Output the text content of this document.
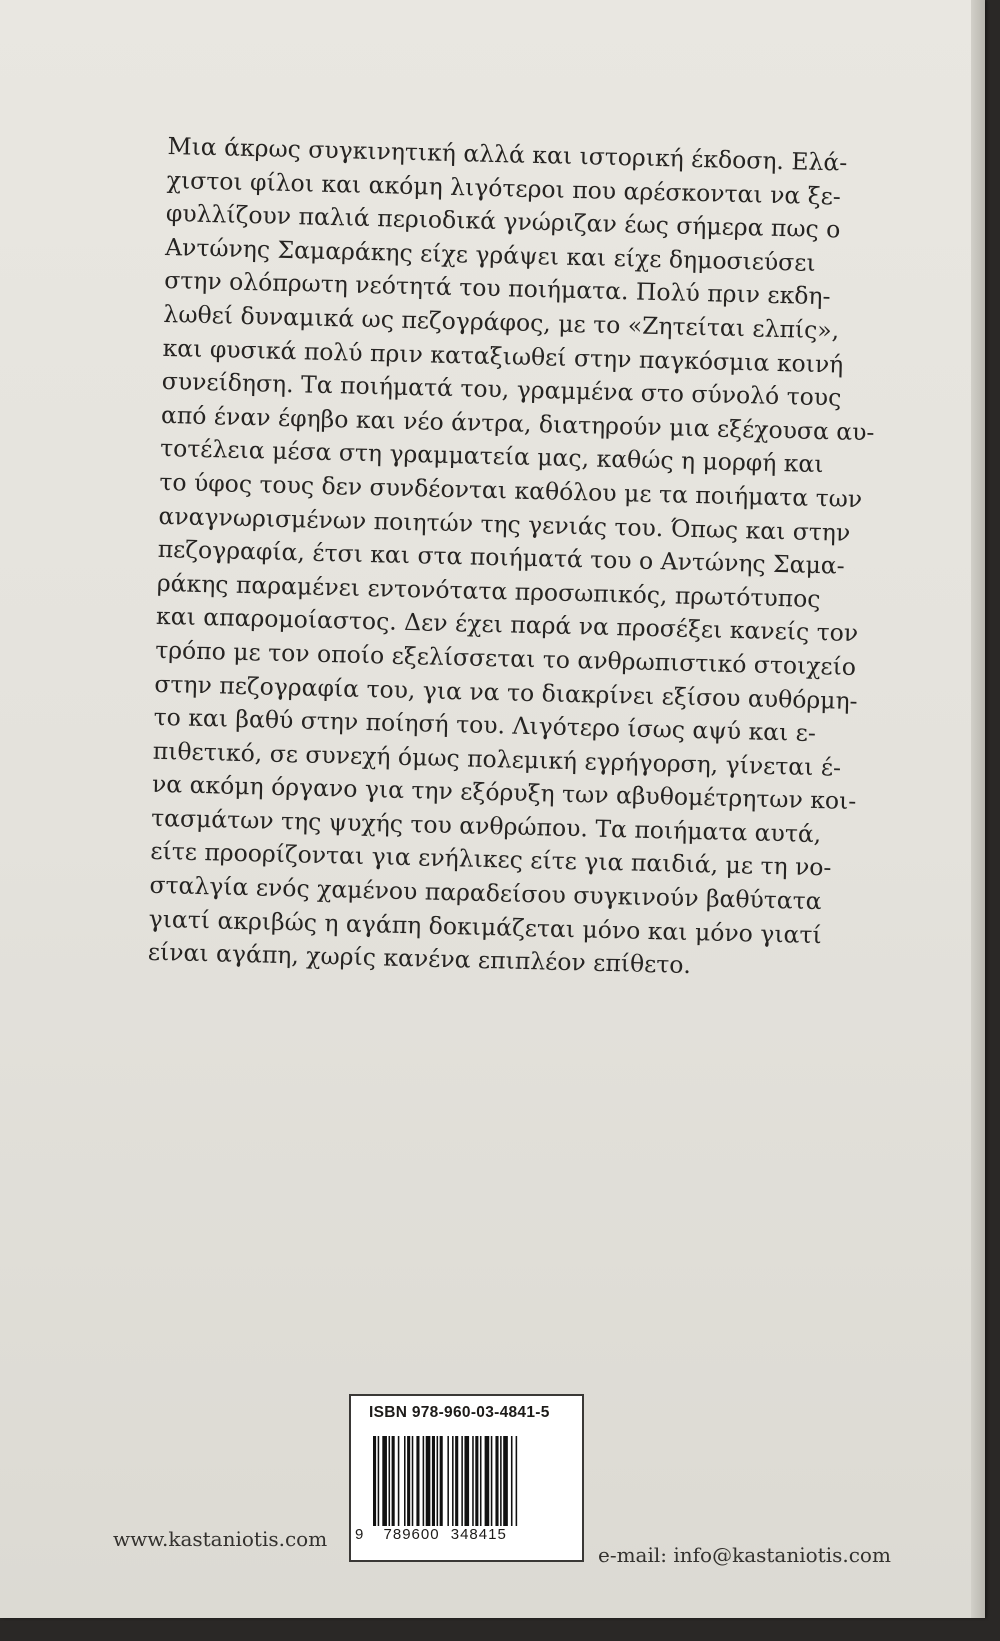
Μια άκρως συγκινητική αλλά και ιστορική έκδοση. Ελά-
χιστοι φίλοι και ακόμη λιγότεροι που αρέσκονται να ξε-
φυλλίζουν παλιά περιοδικά γνώριζαν έως σήμερα πως ο
Αντώνης Σαμαράκης είχε γράψει και είχε δημοσιεύσει
στην ολόπρωτη νεότητά του ποιήματα. Πολύ πριν εκδη-
λωθεί δυναμικά ως πεζογράφος, με το «Ζητείται ελπίς»,
και φυσικά πολύ πριν καταξιωθεί στην παγκόσμια κοινή
συνείδηση. Τα ποιήματά του, γραμμένα στο σύνολό τους
από έναν έφηβο και νέο άντρα, διατηρούν μια εξέχουσα αυ-
τοτέλεια μέσα στη γραμματεία μας, καθώς η μορφή και
το ύφος τους δεν συνδέονται καθόλου με τα ποιήματα των
αναγνωρισμένων ποιητών της γενιάς του. Όπως και στην
πεζογραφία, έτσι και στα ποιήματά του ο Αντώνης Σαμα-
ράκης παραμένει εντονότατα προσωπικός, πρωτότυπος
και απαρομοίαστος. Δεν έχει παρά να προσέξει κανείς τον
τρόπο με τον οποίο εξελίσσεται το ανθρωπιστικό στοιχείο
στην πεζογραφία του, για να το διακρίνει εξίσου αυθόρμη-
το και βαθύ στην ποίησή του. Λιγότερο ίσως αψύ και ε-
πιθετικό, σε συνεχή όμως πολεμική εγρήγορση, γίνεται έ-
να ακόμη όργανο για την εξόρυξη των αβυθομέτρητων κοι-
τασμάτων της ψυχής του ανθρώπου. Τα ποιήματα αυτά,
είτε προορίζονται για ενήλικες είτε για παιδιά, με τη νο-
σταλγία ενός χαμένου παραδείσου συγκινούν βαθύτατα
γιατί ακριβώς η αγάπη δοκιμάζεται μόνο και μόνο γιατί
είναι αγάπη, χωρίς κανένα επιπλέον επίθετο.
ISBN 978-960-03-4841-5
9 789600 348415
www.kastaniotis.com
e-mail: info@kastaniotis.com
